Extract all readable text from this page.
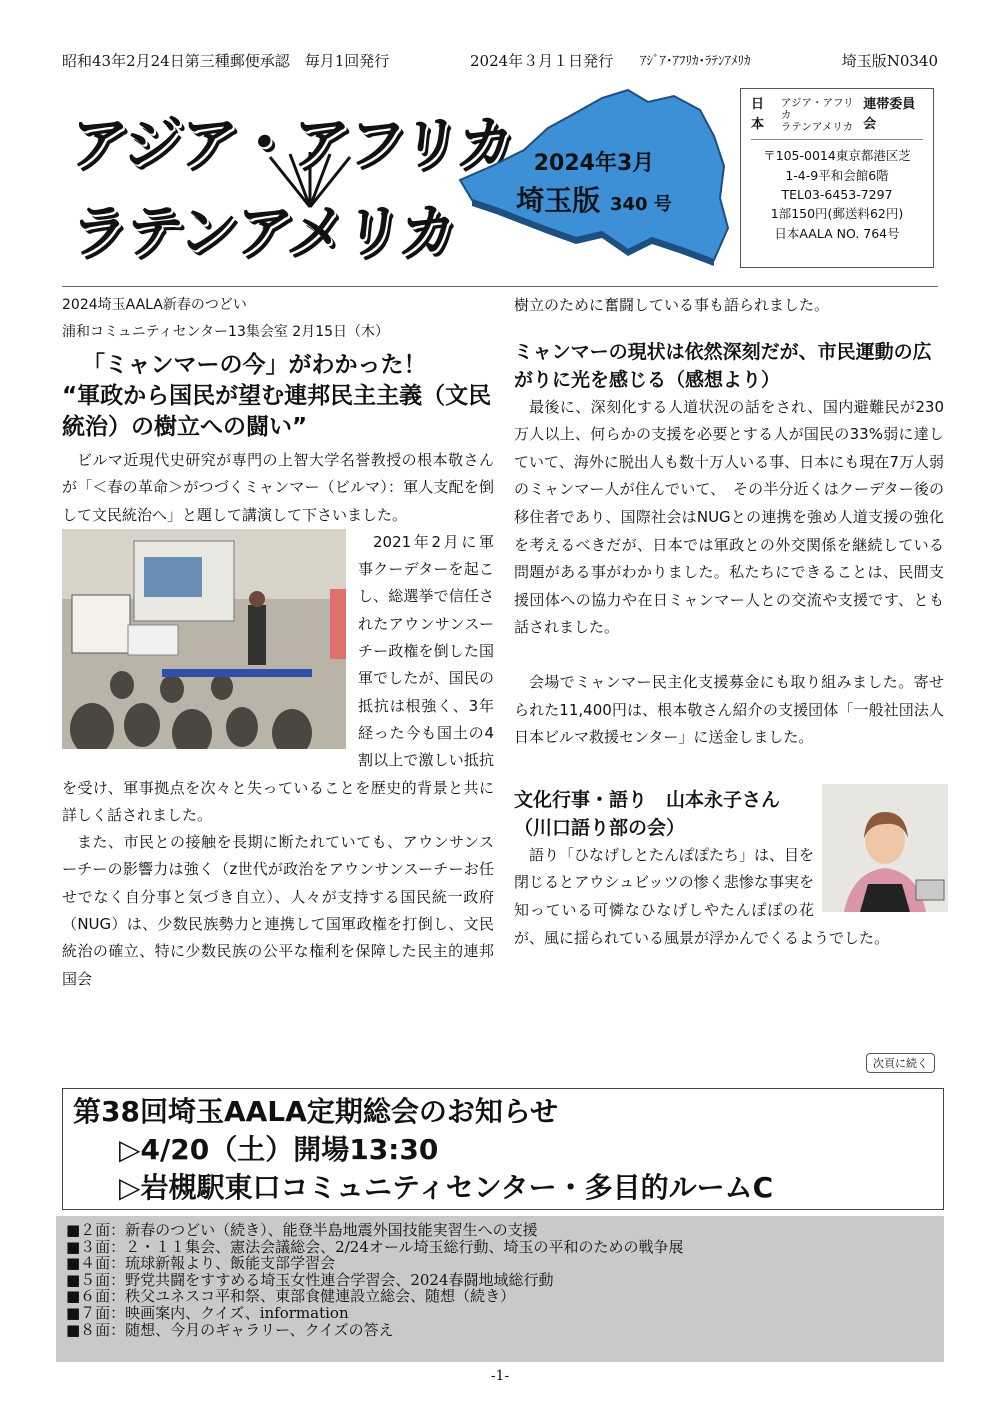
昭和43年2月24日第三種郵便承認　毎月1回発行	2024年３月１日発行 ｱｼﾞｱ･ｱﾌﾘｶ･ﾗﾃﾝｱﾒﾘｶ	埼玉版N0340
アジア・アフリカ
ラテンアメリカ
2024年3月
埼玉版 340 号
日本
アジア・アフリカ
ラテンアメリカ
連帯委員会
〒105-0014東京都港区芝
1-4-9平和会館6階
TEL03-6453-7297
1部150円(郵送料62円)
日本AALA NO. 764号
2024埼玉AALA新春のつどい
浦和コミュニティセンター13集会室 2月15日（木）
「ミャンマーの今」がわかった！
“軍政から国民が望む連邦民主主義（文民統治）の樹立への闘い”

ビルマ近現代史研究が専門の上智大学名誉教授の根本敬さんが「＜春の革命＞がつづくミャンマー（ビルマ）：軍人支配を倒して文民統治へ」と題して講演して下さいました。

2021年2月に軍事クーデターを起こし、総選挙で信任されたアウンサンスーチー政権を倒した国軍でしたが、国民の抵抗は根強く、3年経った今も国土の4割以上で激しい抵抗を受け、軍事拠点を次々と失っていることを歴史的背景と共に詳しく話されました。

また、市民との接触を長期に断たれていても、アウンサンスーチーの影響力は強く（z世代が政治をアウンサンスーチーお任せでなく自分事と気づき自立）、人々が支持する国民統一政府（NUG）は、少数民族勢力と連携して国軍政権を打倒し、文民統治の確立、特に少数民族の公平な権利を保障した民主的連邦国会

樹立のために奮闘している事も語られました。

ミャンマーの現状は依然深刻だが、市民運動の広がりに光を感じる（感想より）

最後に、深刻化する人道状況の話をされ、国内避難民が230万人以上、何らかの支援を必要とする人が国民の33%弱に達していて、海外に脱出人も数十万人いる事、日本にも現在7万人弱のミャンマー人が住んでいて、　その半分近くはクーデター後の移住者であり、国際社会はNUGとの連携を強め人道支援の強化を考えるべきだが、日本では軍政との外交関係を継続している問題がある事がわかりました。私たちにできることは、民間支援団体への協力や在日ミャンマー人との交流や支援です、とも話されました。

会場でミャンマー民主化支援募金にも取り組みました。寄せられた11,400円は、根本敬さん紹介の支援団体「一般社団法人　日本ビルマ救援センター」に送金しました。

文化行事・語り　山本永子さん（川口語り部の会）

語り「ひなげしとたんぽぽたち」は、目を閉じるとアウシュビッツの惨く悲惨な事実を知っている可憐なひなげしやたんぽぽの花が、風に揺られている風景が浮かんでくるようでした。

次頁に続く
第38回埼玉AALA定期総会のお知らせ
▷4/20（土）開場13:30
▷岩槻駅東口コミュニティセンター・多目的ルームC
■２面：新春のつどい（続き）、能登半島地震外国技能実習生への支援
■３面：２・１１集会、憲法会議総会、2/24オール埼玉総行動、埼玉の平和のための戦争展
■４面：琉球新報より、飯能支部学習会
■５面：野党共闘をすすめる埼玉女性連合学習会、2024春闘地域総行動
■６面：秩父ユネスコ平和祭、東部食健連設立総会、随想（続き）
■７面：映画案内、クイズ、information
■８面：随想、今月のギャラリー、クイズの答え
-1-
